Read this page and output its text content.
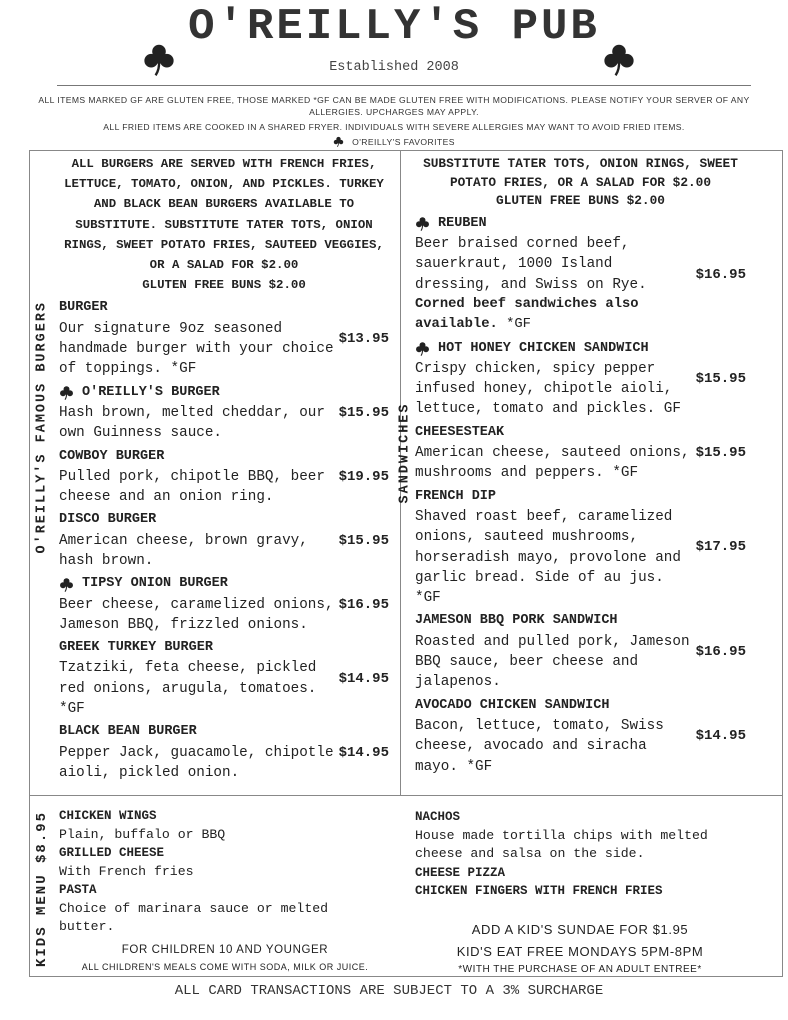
O'REILLY'S PUB
Established 2008
ALL ITEMS MARKED GF ARE GLUTEN FREE, THOSE MARKED *GF CAN BE MADE GLUTEN FREE WITH MODIFICATIONS. PLEASE NOTIFY YOUR SERVER OF ANY
ALLERGIES. UPCHARGES MAY APPLY.
ALL FRIED ITEMS ARE COOKED IN A SHARED FRYER. INDIVIDUALS WITH SEVERE ALLERGIES MAY WANT TO AVOID FRIED ITEMS.
O'REILLY'S FAVORITES
O'REILLY'S FAMOUS BURGERS	SANDWICHES
ALL BURGERS ARE SERVED WITH FRENCH FRIES, LETTUCE, TOMATO, ONION, AND PICKLES. TURKEY AND BLACK BEAN BURGERS AVAILABLE TO SUBSTITUTE. SUBSTITUTE TATER TOTS, ONION RINGS, SWEET POTATO FRIES, SAUTEED VEGGIES, OR A SALAD FOR $2.00
GLUTEN FREE BUNS $2.00
BURGER
Our signature 9oz seasoned handmade burger with your choice of toppings. *GF
$13.95
O'REILLY'S BURGER
Hash brown, melted cheddar, our own Guinness sauce.
$15.95
COWBOY BURGER
Pulled pork, chipotle BBQ, beer cheese and an onion ring.
$19.95
DISCO BURGER
American cheese, brown gravy, hash brown.
$15.95
TIPSY ONION BURGER
Beer cheese, caramelized onions, Jameson BBQ, frizzled onions.
$16.95
GREEK TURKEY BURGER
Tzatziki, feta cheese, pickled red onions, arugula, tomatoes. *GF
$14.95
BLACK BEAN BURGER
Pepper Jack, guacamole, chipotle aioli, pickled onion.
$14.95
SUBSTITUTE TATER TOTS, ONION RINGS, SWEET POTATO FRIES, OR A SALAD FOR $2.00
GLUTEN FREE BUNS $2.00
REUBEN
Beer braised corned beef, sauerkraut, 1000 Island dressing, and Swiss on Rye.
Corned beef sandwiches also available. *GF
$16.95
HOT HONEY CHICKEN SANDWICH
Crispy chicken, spicy pepper infused honey, chipotle aioli, lettuce, tomato and pickles. GF
$15.95
CHEESESTEAK
American cheese, sauteed onions, mushrooms and peppers. *GF
$15.95
FRENCH DIP
Shaved roast beef, caramelized onions, sauteed mushrooms, horseradish mayo, provolone and garlic bread. Side of au jus. *GF
$17.95
JAMESON BBQ PORK SANDWICH
Roasted and pulled pork, Jameson BBQ sauce, beer cheese and jalapenos.
$16.95
AVOCADO CHICKEN SANDWICH
Bacon, lettuce, tomato, Swiss cheese, avocado and siracha mayo. *GF
$14.95
KIDS MENU $8.95 CHICKEN WINGS
Plain, buffalo or BBQ
GRILLED CHEESE
With French fries
PASTA
Choice of marinara sauce or melted butter.
FOR CHILDREN 10 AND YOUNGER
ALL CHILDREN'S MEALS COME WITH SODA, MILK OR JUICE.
NACHOS
House made tortilla chips with melted cheese and salsa on the side.
CHEESE PIZZA
CHICKEN FINGERS WITH FRENCH FRIES
ADD A KID'S SUNDAE FOR $1.95
KID'S EAT FREE MONDAYS 5PM-8PM
*WITH THE PURCHASE OF AN ADULT ENTREE*
ALL CARD TRANSACTIONS ARE SUBJECT TO A 3% SURCHARGE
